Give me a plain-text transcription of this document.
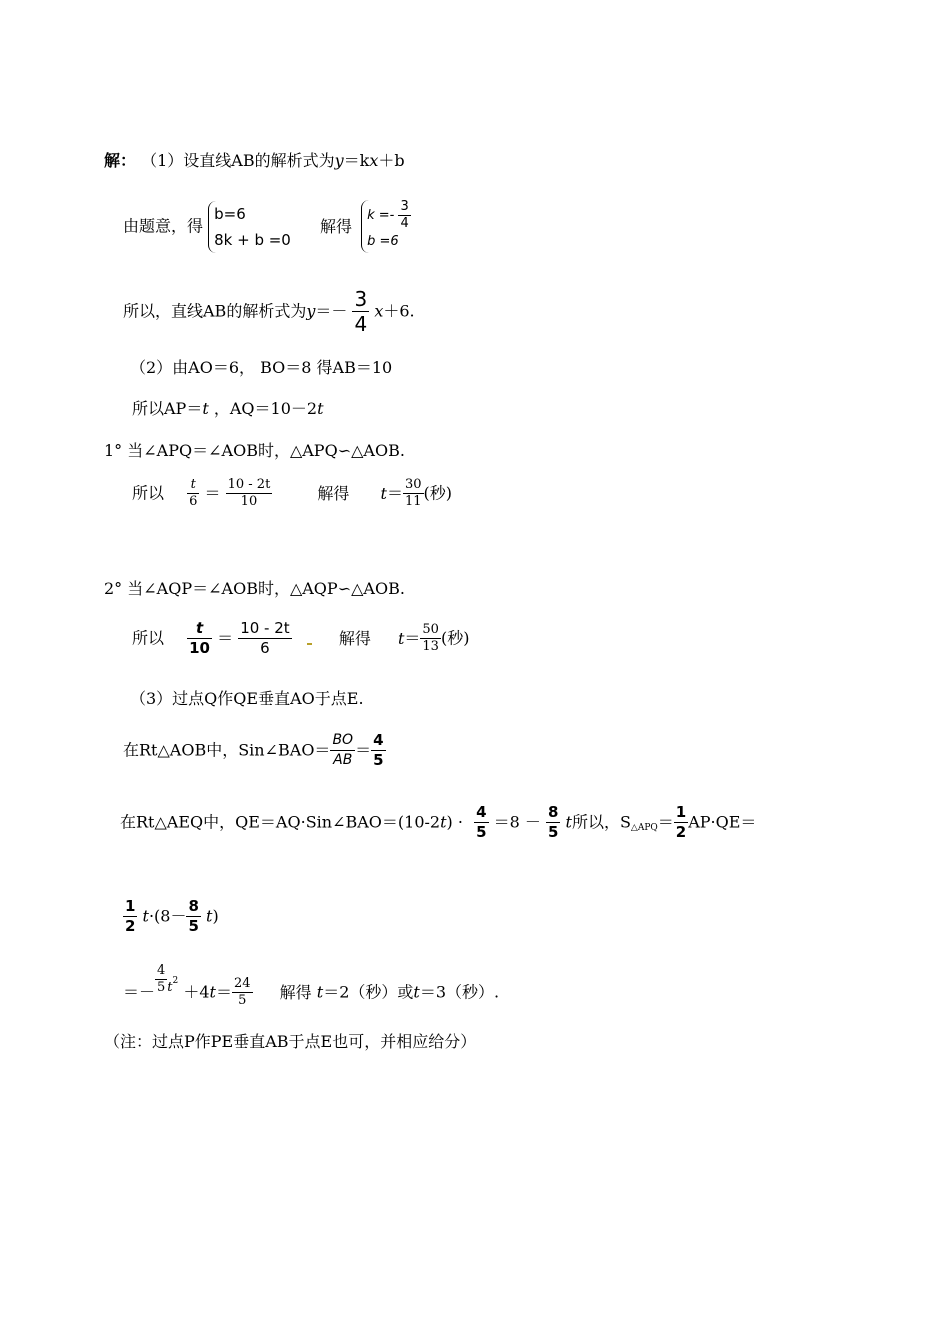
解： （1）设直线AB的解析式为y＝kx＋b
由题意，得
b=6
8k + b =0
解得
$k =- \frac{3}{4}$
b =6
所以，直线AB的解析式为$y=- \frac{3}{4} x+6$.
（2）由AO＝6， BO＝8 得AB＝10
所以AP＝t ，AQ＝10－2t
1° 当∠APQ＝∠AOB时，△APQ∽△AOB.
所以 $\frac{t}{6} = \frac{10 - 2t}{10}$	解得 $t= \frac{30}{11}$ (秒)
2° 当∠AQP＝∠AOB时，△AQP∽△AOB.
所以 $\frac{t}{10} = \frac{10 - 2t}{6}$	解得 $t= \frac{50}{13}$ (秒)
（3）过点Q作QE垂直AO于点E.
在Rt△AOB中，Sin∠BAO＝ $\frac{BO}{AB} = \frac{4}{5}$
在Rt△AEQ中，QE＝AQ·Sin∠BAO＝(10-2t) · $\frac{4}{5} =8 - \frac{8}{5}$ t所以，$S_{\triangle APQ}= \frac{1}{2} AP\cdot QE=$
$\frac{1}{2} t\cdot(8- \frac{8}{5} t)$
＝－ $\frac{4}{5} ^{t2} +4t= \frac{24}{5}$ 解得 t＝2（秒）或t＝3（秒）.
（注：过点P作PE垂直AB于点E也可，并相应给分）
